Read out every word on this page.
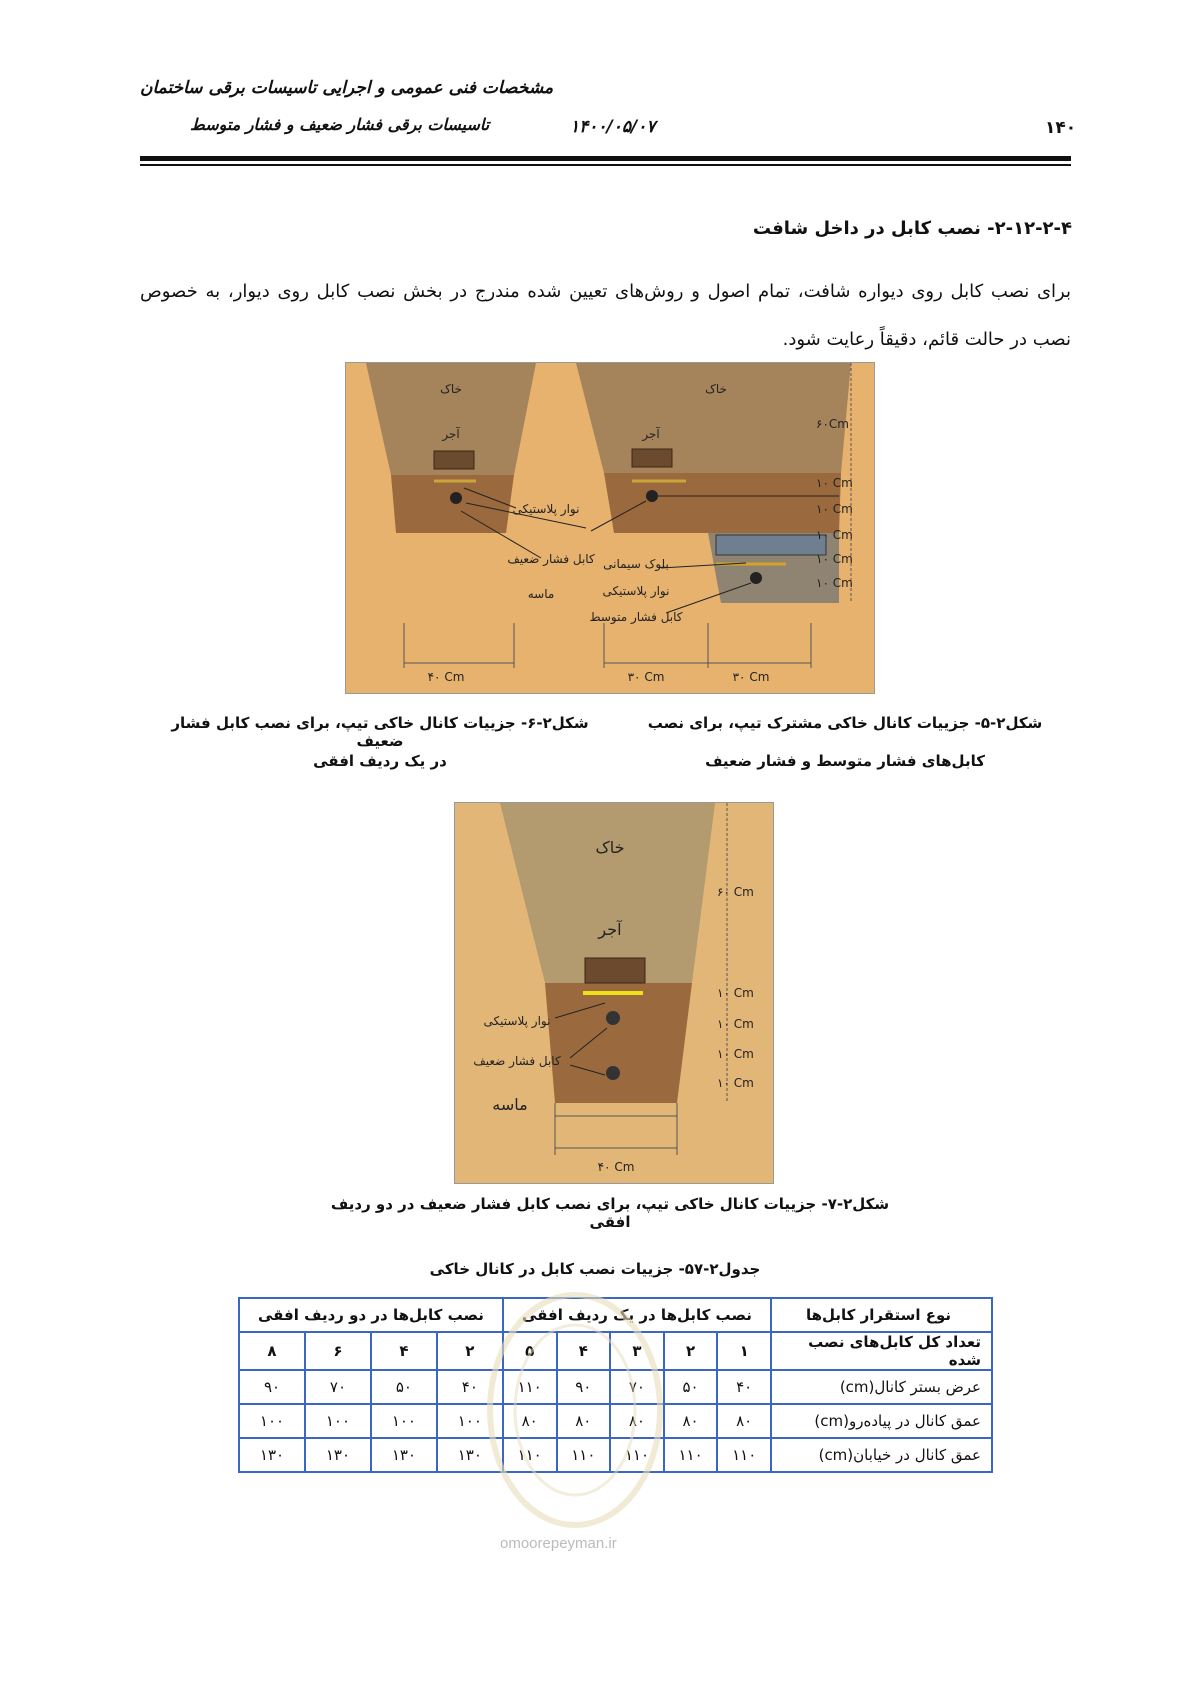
مشخصات فنی عمومی و اجرایی تاسیسات برقی ساختمان
تاسیسات برقی فشار ضعیف و فشار متوسط	۱۴۰۰/۰۵/۰۷	۱۴۰
۲-۱۲-۲-۴- نصب کابل در داخل شافت
برای نصب کابل روی دیواره شافت، تمام اصول و روش‌های تعیین شده مندرج در بخش نصب کابل روی دیوار، به خصوص نصب در حالت قائم، دقیقاً رعایت شود.
خاک	خاک
آجر	آجر
نوار پلاستیکی
کابل فشار ضعیف
ماسه
بلوک سیمانی
نوار پلاستیکی
کابل فشار متوسط
۶۰Cm
۱۰ Cm
۱۰ Cm
۱۰ Cm
۱۰ Cm
۱۰ Cm
۴۰ Cm	۳۰ Cm	۳۰ Cm
شکل۲-۵- جزییات کانال خاکی مشترک تیپ، برای نصب
کابل‌های فشار متوسط و فشار ضعیف
شکل۲-۶- جزییات کانال خاکی تیپ، برای نصب کابل فشار ضعیف
در یک ردیف افقی
خاک
آجر
نوار پلاستیکی
کابل فشار ضعیف
ماسه
۶۰ Cm
۱۰ Cm
۱۰ Cm
۱۰ Cm
۱۰ Cm
۴۰ Cm
شکل۲-۷- جزییات کانال خاکی تیپ، برای نصب کابل فشار ضعیف در دو ردیف افقی
جدول۲-۵۷- جزییات نصب کابل در کانال خاکی
نوع استقرار کابل‌ها	نصب کابل‌ها در یک ردیف افقی					نصب کابل‌ها در دو ردیف افقی			
تعداد کل کابل‌های نصب شده	۱	۲	۳	۴	۵	۲	۴	۶	۸
عرض بستر کانال(cm)	۴۰	۵۰	۷۰	۹۰	۱۱۰	۴۰	۵۰	۷۰	۹۰
عمق کانال در پیاده‌رو(cm)	۸۰	۸۰	۸۰	۸۰	۸۰	۱۰۰	۱۰۰	۱۰۰	۱۰۰
عمق کانال در خیابان(cm)	۱۱۰	۱۱۰	۱۱۰	۱۱۰	۱۱۰	۱۳۰	۱۳۰	۱۳۰	۱۳۰
omoorepeyman.ir
